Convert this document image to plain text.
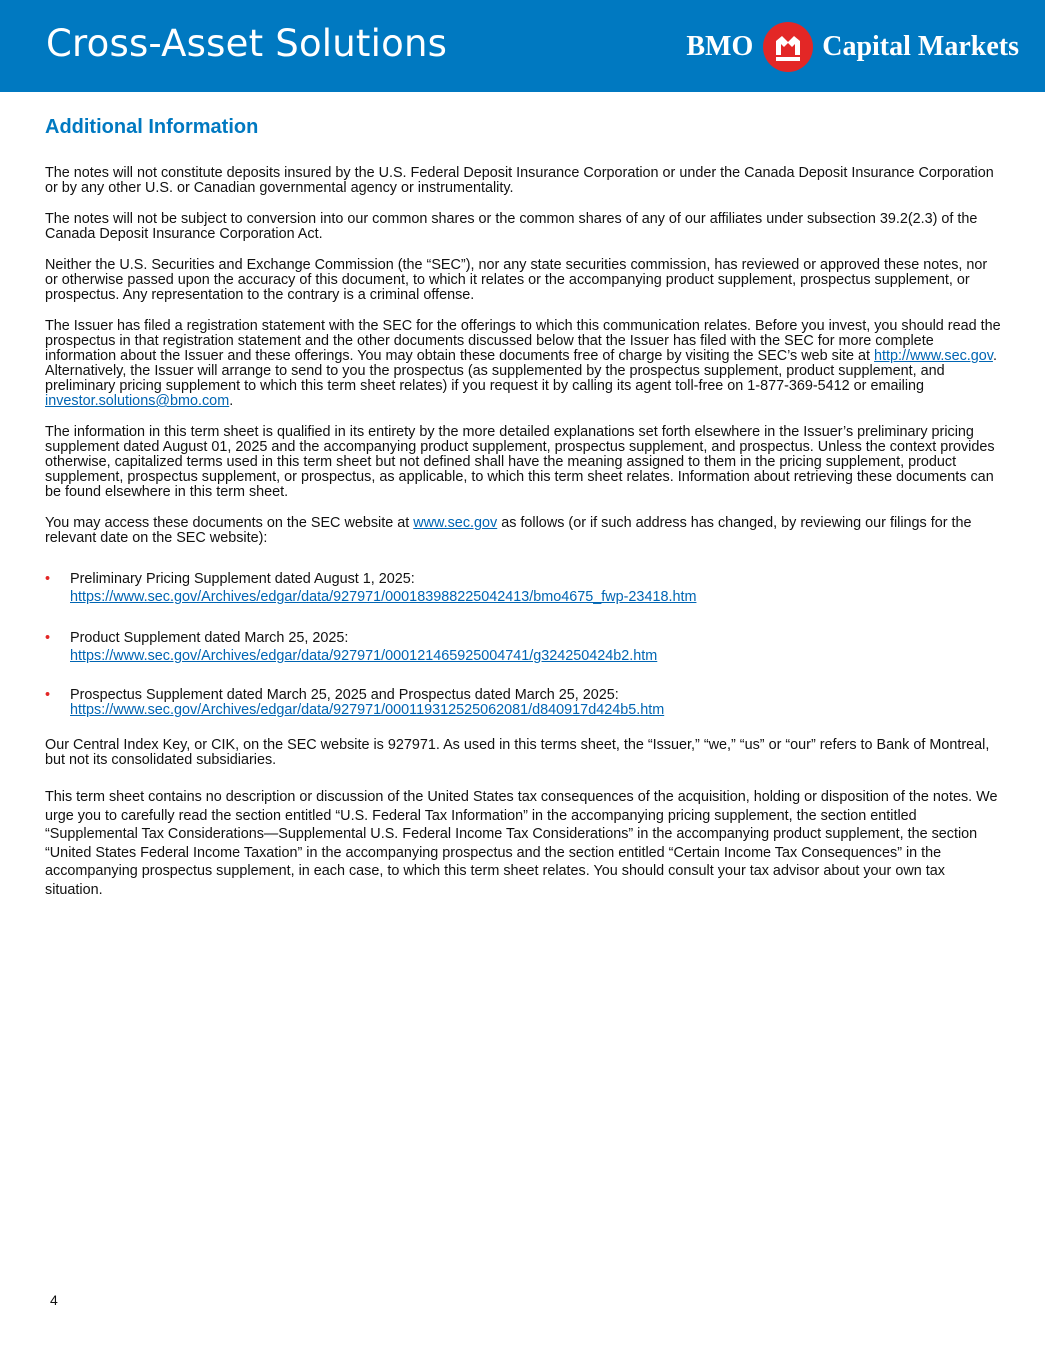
Cross-Asset Solutions	BMO Capital Markets
Additional Information

The notes will not constitute deposits insured by the U.S. Federal Deposit Insurance Corporation or under the Canada Deposit Insurance Corporation or by any other U.S. or Canadian governmental agency or instrumentality.

The notes will not be subject to conversion into our common shares or the common shares of any of our affiliates under subsection 39.2(2.3) of the Canada Deposit Insurance Corporation Act.

Neither the U.S. Securities and Exchange Commission (the “SEC”), nor any state securities commission, has reviewed or approved these notes, nor or otherwise passed upon the accuracy of this document, to which it relates or the accompanying product supplement, prospectus supplement, or prospectus. Any representation to the contrary is a criminal offense.

The Issuer has filed a registration statement with the SEC for the offerings to which this communication relates. Before you invest, you should read the prospectus in that registration statement and the other documents discussed below that the Issuer has filed with the SEC for more complete information about the Issuer and these offerings. You may obtain these documents free of charge by visiting the SEC’s web site at http://www.sec.gov. Alternatively, the Issuer will arrange to send to you the prospectus (as supplemented by the prospectus supplement, product supplement, and preliminary pricing supplement to which this term sheet relates) if you request it by calling its agent toll-free on 1-877-369-5412 or emailing investor.solutions@bmo.com.

The information in this term sheet is qualified in its entirety by the more detailed explanations set forth elsewhere in the Issuer’s preliminary pricing supplement dated August 01, 2025 and the accompanying product supplement, prospectus supplement, and prospectus. Unless the context provides otherwise, capitalized terms used in this term sheet but not defined shall have the meaning assigned to them in the pricing supplement, product supplement, prospectus supplement, or prospectus, as applicable, to which this term sheet relates. Information about retrieving these documents can be found elsewhere in this term sheet.

You may access these documents on the SEC website at www.sec.gov as follows (or if such address has changed, by reviewing our filings for the relevant date on the SEC website):

• Preliminary Pricing Supplement dated August 1, 2025:
https://www.sec.gov/Archives/edgar/data/927971/000183988225042413/bmo4675_fwp-23418.htm
• Product Supplement dated March 25, 2025:
https://www.sec.gov/Archives/edgar/data/927971/000121465925004741/g324250424b2.htm
• Prospectus Supplement dated March 25, 2025 and Prospectus dated March 25, 2025:
https://www.sec.gov/Archives/edgar/data/927971/000119312525062081/d840917d424b5.htm

Our Central Index Key, or CIK, on the SEC website is 927971. As used in this terms sheet, the “Issuer,” “we,” “us” or “our” refers to Bank of Montreal, but not its consolidated subsidiaries.

This term sheet contains no description or discussion of the United States tax consequences of the acquisition, holding or disposition of the notes. We urge you to carefully read the section entitled “U.S. Federal Tax Information” in the accompanying pricing supplement, the section entitled “Supplemental Tax Considerations—Supplemental U.S. Federal Income Tax Considerations” in the accompanying product supplement, the section “United States Federal Income Taxation” in the accompanying prospectus and the section entitled “Certain Income Tax Consequences” in the accompanying prospectus supplement, in each case, to which this term sheet relates. You should consult your tax advisor about your own tax situation.

4
